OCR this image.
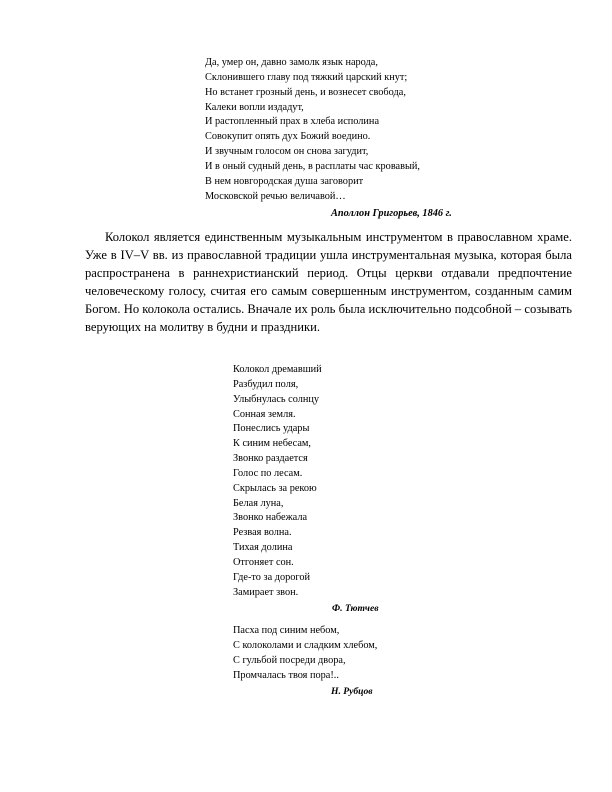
Да, умер он, давно замолк язык народа,
Склонившего главу под тяжкий царский кнут;
Но встанет грозный день, и вознесет свобода,
Калеки вопли издадут,
И растопленный прах в хлеба исполина
Совокупит опять дух Божий воедино.
И звучным голосом он снова загудит,
И в оный судный день, в расплаты час кровавый,
В нем новгородская душа заговорит
Московской речью величавой…
Аполлон Григорьев, 1846 г.

Колокол является единственным музыкальным инструментом в православном храме. Уже в IV–V вв. из православной традиции ушла инструментальная музыка, которая была распространена в раннехристианский период. Отцы церкви отдавали предпочтение человеческому голосу, считая его самым совершенным инструментом, созданным самим Богом. Но колокола остались. Вначале их роль была исключительно подсобной – созывать верующих на молитву в будни и праздники.

Колокол дремавший
Разбудил поля,
Улыбнулась солнцу
Сонная земля.
Понеслись удары
К синим небесам,
Звонко раздается
Голос по лесам.
Скрылась за рекою
Белая луна,
Звонко набежала
Резвая волна.
Тихая долина
Отгоняет сон.
Где-то за дорогой
Замирает звон.
Ф. Тютчев
Пасха под синим небом,
С колоколами и сладким хлебом,
С гульбой посреди двора,
Промчалась твоя пора!..
Н. Рубцов
